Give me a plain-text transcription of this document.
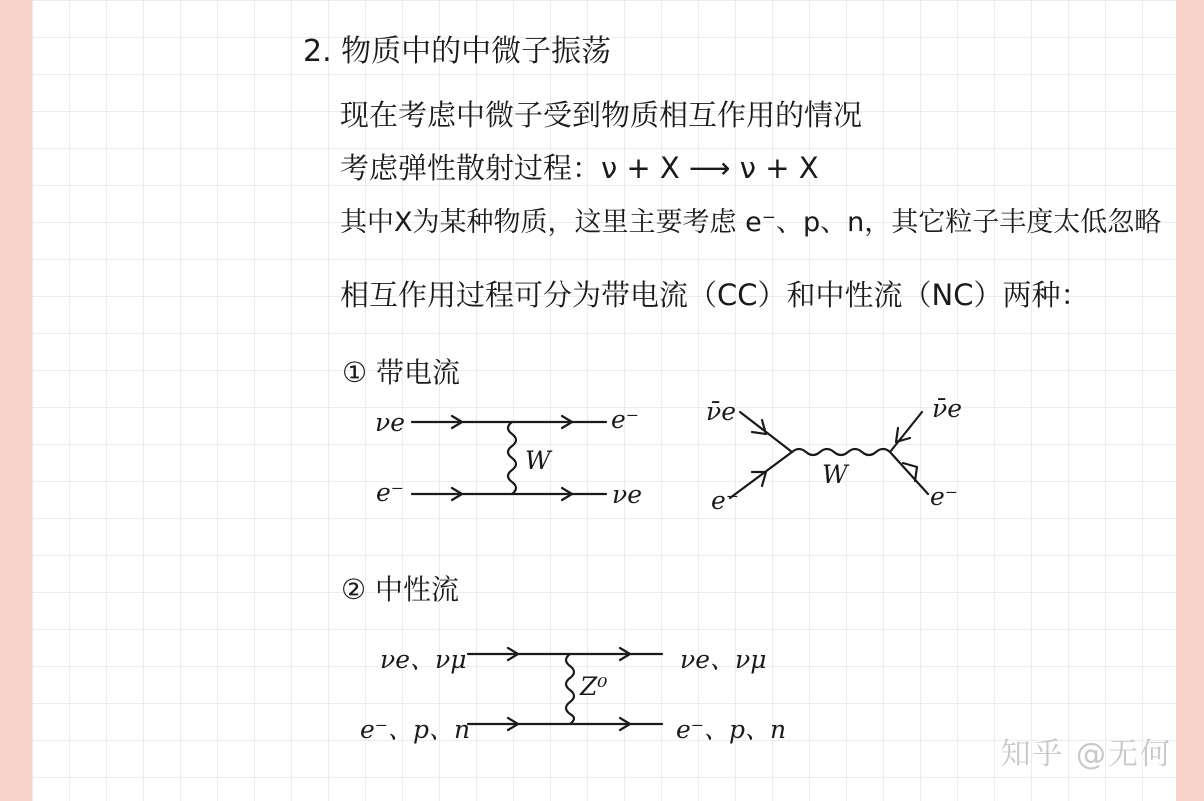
2. 物质中的中微子振荡
现在考虑中微子受到物质相互作用的情况
考虑弹性散射过程：ν + X ⟶ ν + X
其中X为某种物质，这里主要考虑 e⁻、p、n，其它粒子丰度太低忽略
相互作用过程可分为带电流（CC）和中性流（NC）两种：
① 带电流
νe	e⁻
e⁻	νe
W
ν̄e	ν̄e
e⁻	e⁻
W
② 中性流
νe、νμ	νe、νμ
e⁻、p、n	e⁻、p、n
Z⁰
知乎 @无何
